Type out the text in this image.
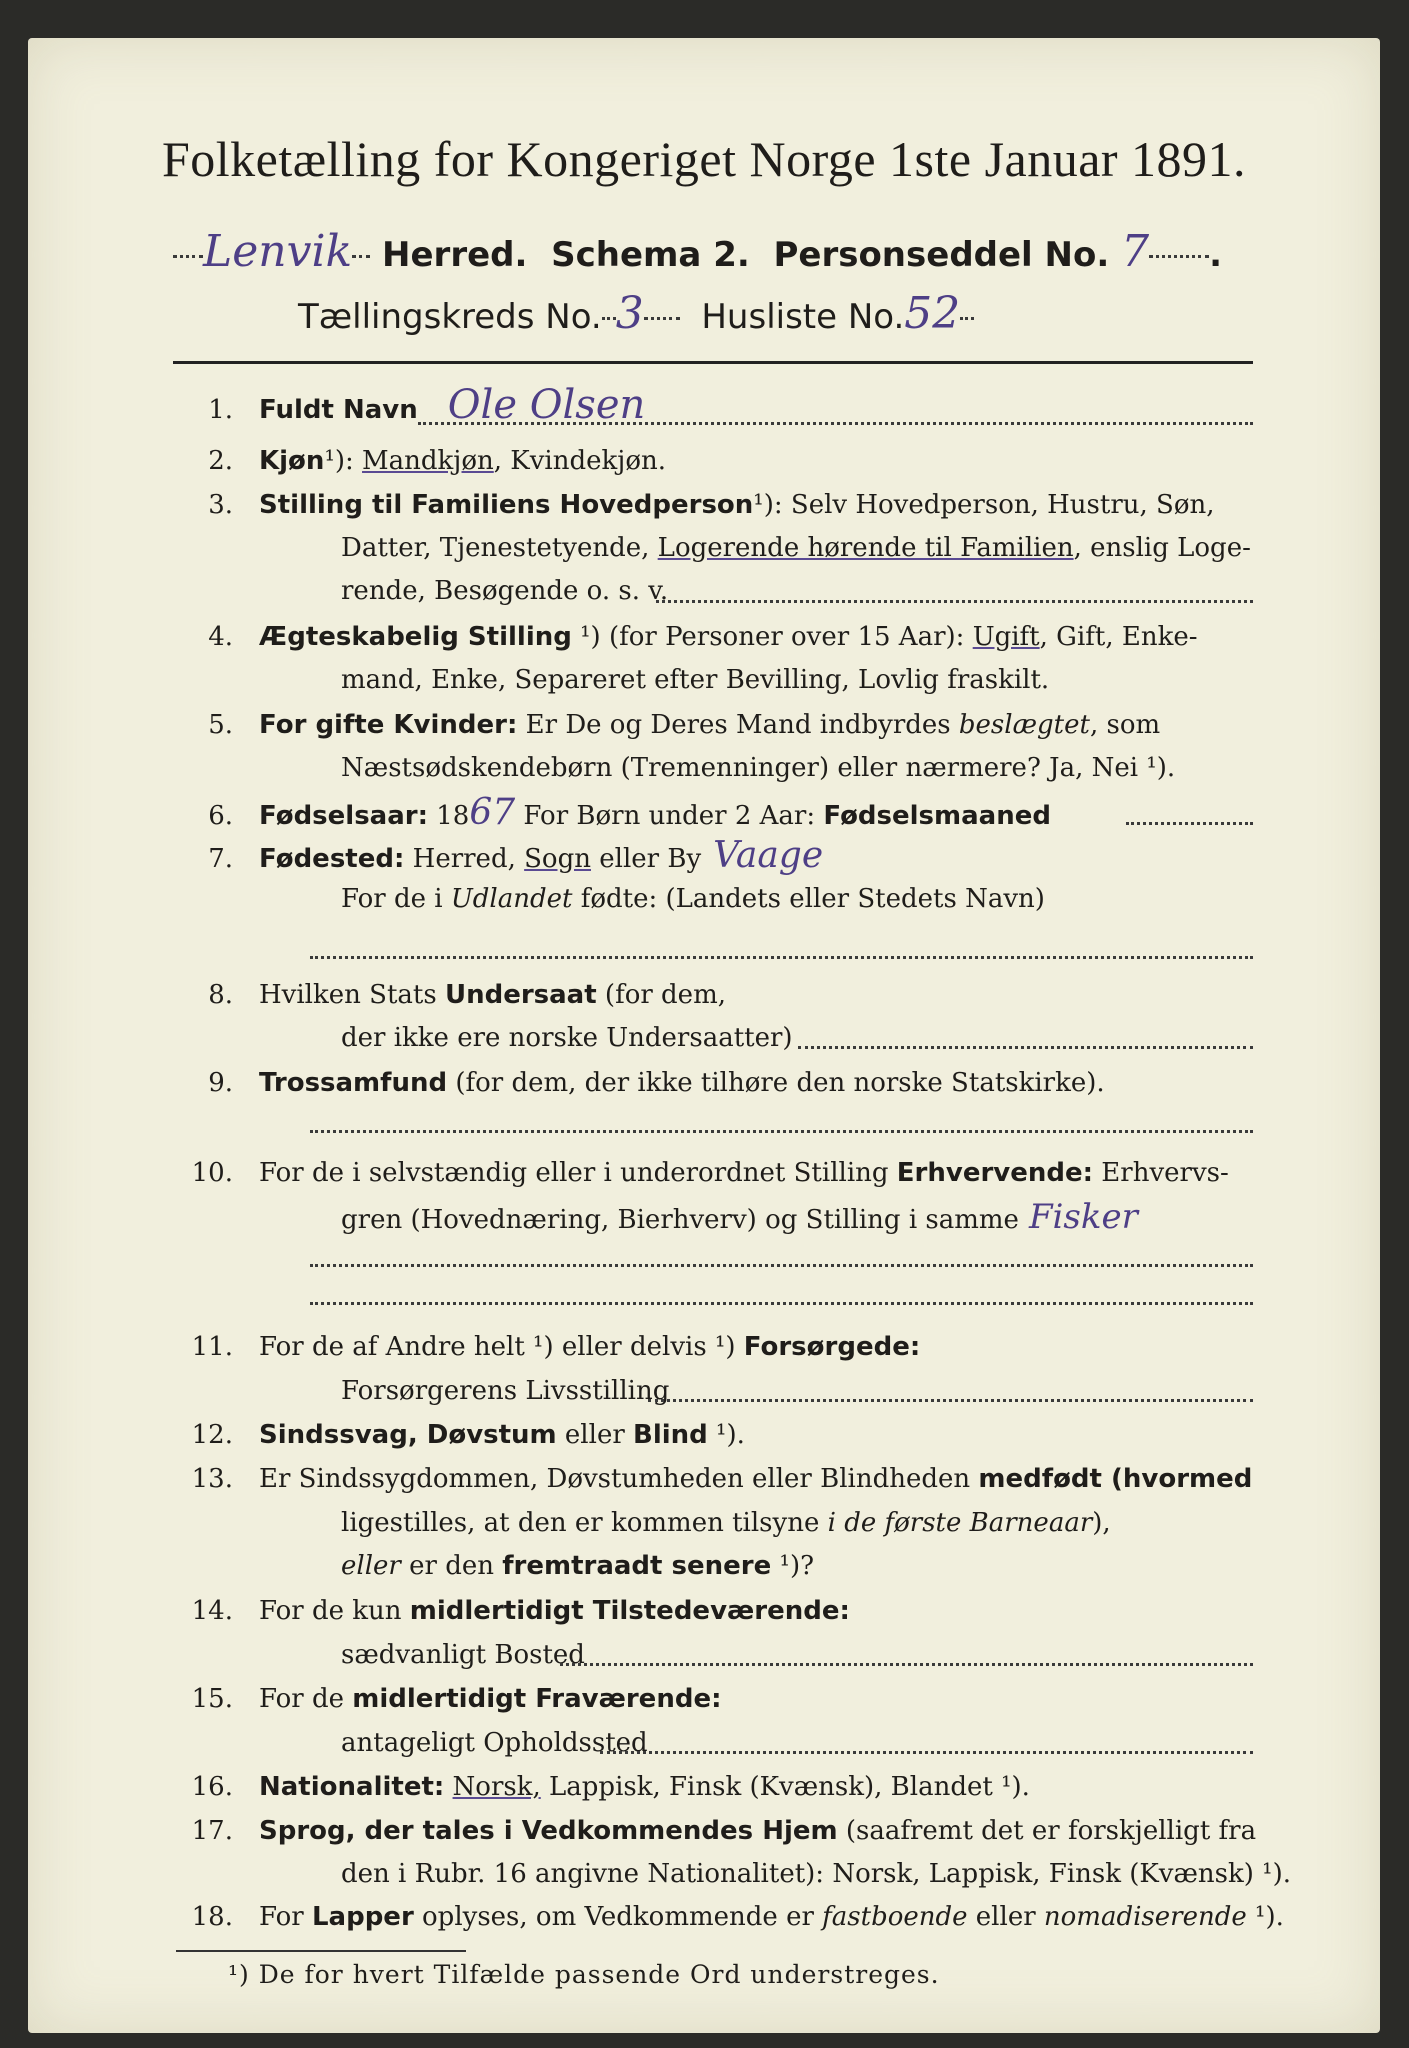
Folketælling for Kongeriget Norge 1ste Januar 1891.
Lenvik Herred. Schema 2. Personseddel No. 7 .
Tællingskreds No. 3 Husliste No.52
1. Fuldt Navn Ole Olsen
2. Kjøn¹): Mandkjøn, Kvindekjøn.
3. Stilling til Familiens Hovedperson¹): Selv Hovedperson, Hustru, Søn,
Datter, Tjenestetyende, Logerende hørende til Familien, enslig Loge-
rende, Besøgende o. s. v.
4. Ægteskabelig Stilling ¹) (for Personer over 15 Aar): Ugift, Gift, Enke-
mand, Enke, Separeret efter Bevilling, Lovlig fraskilt.
5. For gifte Kvinder: Er De og Deres Mand indbyrdes beslægtet, som
Næstsødskendebørn (Tremenninger) eller nærmere? Ja, Nei ¹).
6. Fødselsaar: 1867 For Børn under 2 Aar: Fødselsmaaned
7. Fødested: Herred, Sogn eller By Vaage
For de i Udlandet fødte: (Landets eller Stedets Navn)
8. Hvilken Stats Undersaat (for dem,
der ikke ere norske Undersaatter)
9. Trossamfund (for dem, der ikke tilhøre den norske Statskirke).
10. For de i selvstændig eller i underordnet Stilling Erhvervende: Erhvervs-
gren (Hovednæring, Bierhverv) og Stilling i samme Fisker
11. For de af Andre helt ¹) eller delvis ¹) Forsørgede:
Forsørgerens Livsstilling
12. Sindssvag, Døvstum eller Blind ¹).
13. Er Sindssygdommen, Døvstumheden eller Blindheden medfødt (hvormed
ligestilles, at den er kommen tilsyne i de første Barneaar),
eller er den fremtraadt senere ¹)?
14. For de kun midlertidigt Tilstedeværende:
sædvanligt Bosted
15. For de midlertidigt Fraværende:
antageligt Opholdssted
16. Nationalitet: Norsk, Lappisk, Finsk (Kvænsk), Blandet ¹).
17. Sprog, der tales i Vedkommendes Hjem (saafremt det er forskjelligt fra
den i Rubr. 16 angivne Nationalitet): Norsk, Lappisk, Finsk (Kvænsk) ¹).
18. For Lapper oplyses, om Vedkommende er fastboende eller nomadiserende ¹).
¹) De for hvert Tilfælde passende Ord understreges.
